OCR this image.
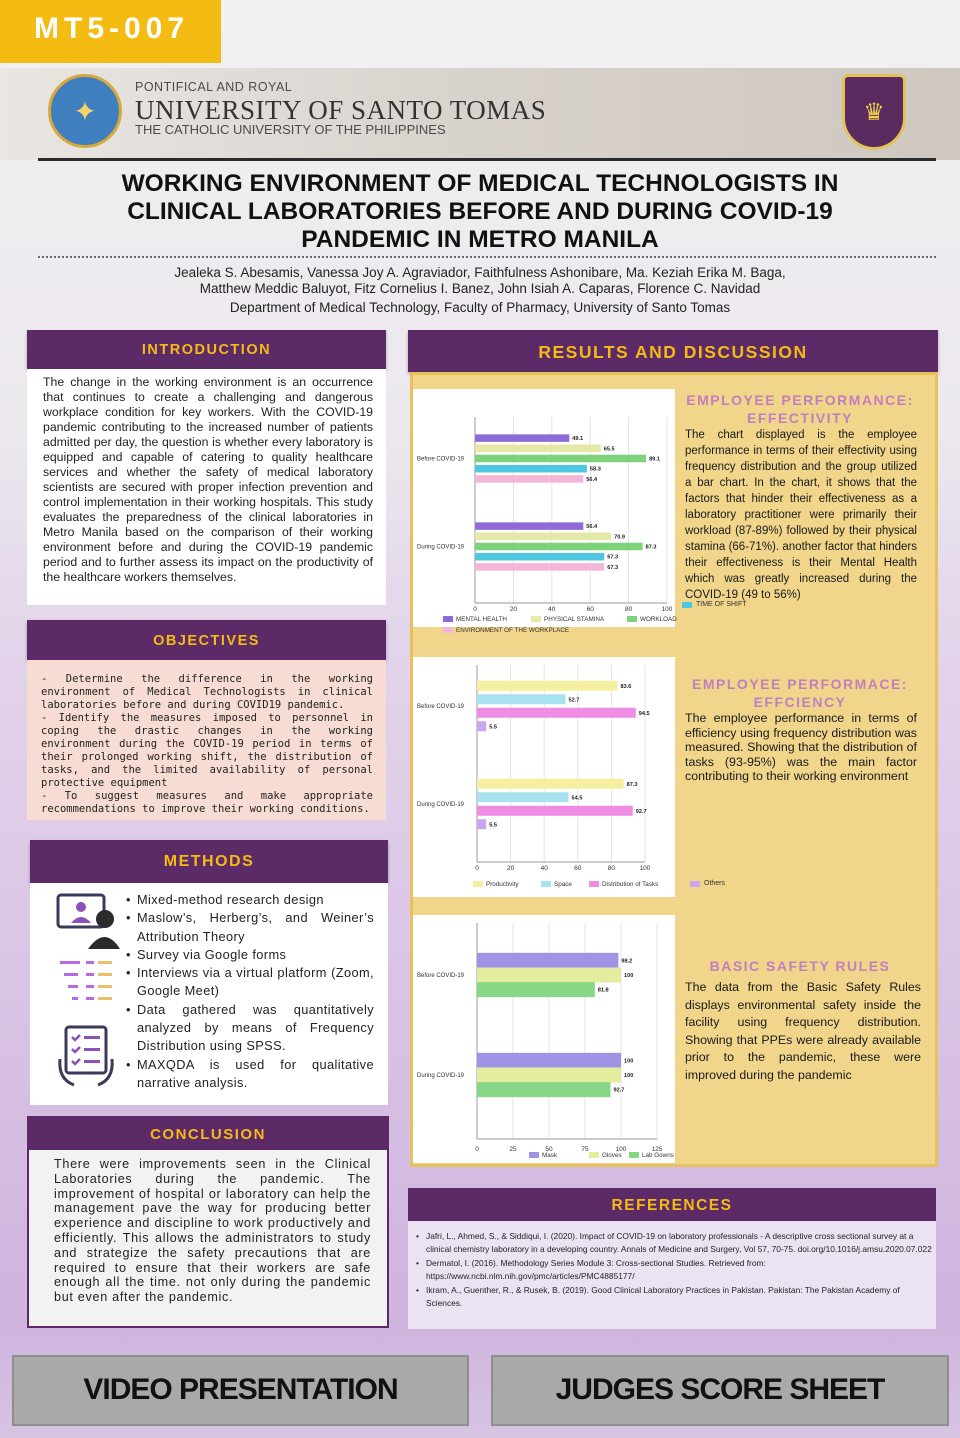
MT5-007
✦
PONTIFICAL AND ROYAL
UNIVERSITY OF SANTO TOMAS
THE CATHOLIC UNIVERSITY OF THE PHILIPPINES
♛
WORKING ENVIRONMENT OF MEDICAL TECHNOLOGISTS IN
CLINICAL LABORATORIES BEFORE AND DURING COVID-19
PANDEMIC IN METRO MANILA
Jealeka S. Abesamis, Vanessa Joy A. Agraviador, Faithfulness Ashonibare, Ma. Keziah Erika M. Baga,
Matthew Meddic Baluyot, Fitz Cornelius I. Banez, John Isiah A. Caparas, Florence C. Navidad
Department of Medical Technology, Faculty of Pharmacy, University of Santo Tomas
INTRODUCTION
The change in the working environment is an occurrence that continues to create a challenging and dangerous workplace condition for key workers. With the COVID-19 pandemic contributing to the increased number of patients admitted per day, the question is whether every laboratory is equipped and capable of catering to quality healthcare services and whether the safety of medical laboratory scientists are secured with proper infection prevention and control implementation in their working hospitals. This study evaluates the preparedness of the clinical laboratories in Metro Manila based on the comparison of their working environment before and during the COVID-19 pandemic period and to further assess its impact on the productivity of the healthcare workers themselves.
OBJECTIVES
- Determine the difference in the working environment of Medical Technologists in clinical laboratories before and during COVID19 pandemic.
- Identify the measures imposed to personnel in coping the drastic changes in the working environment during the COVID-19 period in terms of their prolonged working shift, the distribution of tasks, and the limited availability of personal protective equipment
- To suggest measures and make appropriate recommendations to improve their working conditions.
METHODS
• Mixed-method research design
• Maslow’s, Herberg’s, and Weiner’s Attribution Theory
• Survey via Google forms
• Interviews via a virtual platform (Zoom, Google Meet)
• Data gathered was quantitatively analyzed by means of Frequency Distribution using SPSS.
• MAXQDA is used for qualitative narrative analysis.
CONCLUSION
There were improvements seen in the Clinical Laboratories during the pandemic. The improvement of hospital or laboratory can help the management pave the way for producing better experience and discipline to work productively and efficiently. This allows the administrators to study and strategize the safety precautions that are required to ensure that their workers are safe enough all the time. not only during the pandemic but even after the pandemic.
RESULTS AND DISCUSSION
0	20	40	60	80	100
Before COVID-19
49.1
65.5
89.1
58.3
56.4
During COVID-19
56.4
70.9
87.3
67.3
67.3
MENTAL HEALTH	PHYSICAL STAMINA	WORKLOAD
ENVIRONMENT OF THE WORKPLACE
EMPLOYEE PERFORMANCE: EFFECTIVITY
The chart displayed is the employee performance in terms of their effectivity using frequency distribution and the group utilized a bar chart. In the chart, it shows that the factors that hinder their effectiveness as a laboratory practitioner were primarily their workload (87-89%) followed by their physical stamina (66-71%). another factor that hinders their effectiveness is their Mental Health which was greatly increased during the COVID-19 (49 to 56%)
0	20	40	60	80	100
Before COVID-19
83.6
52.7
94.5
5.5
During COVID-19
87.3
54.5
92.7
5.5
Productivity	Space	Distribution of Tasks
EMPLOYEE PERFORMACE: EFFCIENCY
The employee performance in terms of efficiency using frequency distribution was measured. Showing that the distribution of tasks (93-95%) was the main factor contributing to their working environment
0	25	50	75	100	125
Before COVID-19
98.2
100
81.8
During COVID-19
100
100
92.7
Mask	Gloves	Lab Gowns
BASIC SAFETY RULES
The data from the Basic Safety Rules displays environmental safety inside the facility using frequency distribution. Showing that PPEs were already available prior to the pandemic, these were improved during the pandemic
REFERENCES
• Jafri, L., Ahmed, S., & Siddiqui, I. (2020). Impact of COVID-19 on laboratory professionals - A descriptive cross sectional survey at a clinical chemistry laboratory in a developing country. Annals of Medicine and Surgery, Vol 57, 70-75. doi.org/10.1016/j.amsu.2020.07.022
• Dermatol, I. (2016). Methodology Series Module 3: Cross-sectional Studies. Retrieved from: https://www.ncbi.nlm.nih.gov/pmc/articles/PMC4885177/
• Ikram, A., Guenther, R., & Rusek, B. (2019). Good Clinical Laboratory Practices in Pakistan. Pakistan: The Pakistan Academy of Sciences.
VIDEO PRESENTATION	JUDGES SCORE SHEET
TIME OF SHIFT
Others
